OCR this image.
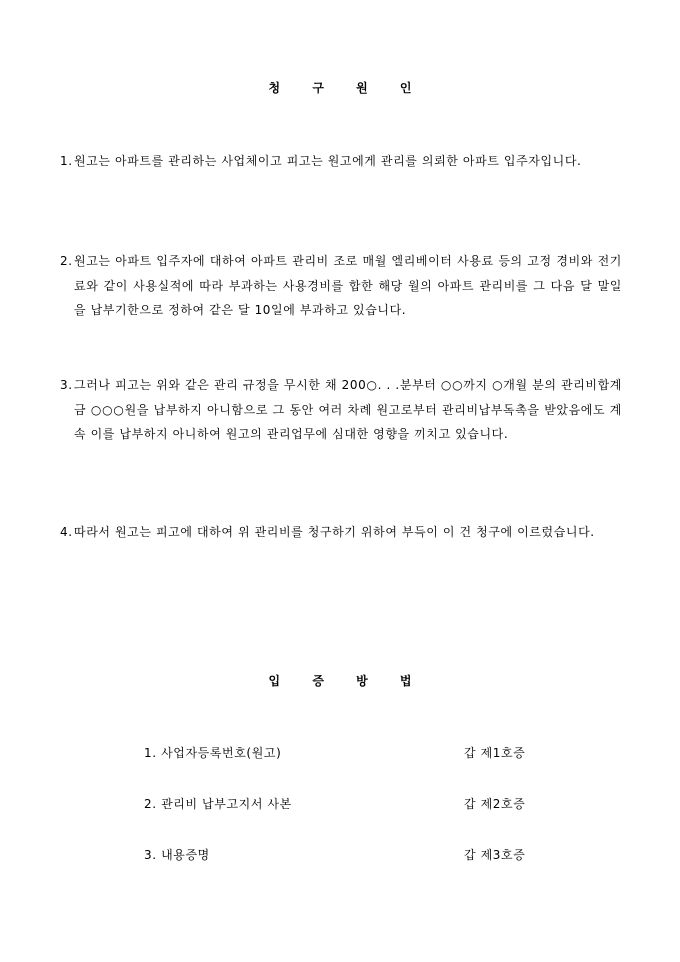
청 구 원 인
1. 원고는 아파트를 관리하는 사업체이고 피고는 원고에게 관리를 의뢰한 아파트 입주자입니다.
2. 원고는 아파트 입주자에 대하여 아파트 관리비 조로 매월 엘리베이터 사용료 등의 고정 경비와 전기료와 같이 사용실적에 따라 부과하는 사용경비를 합한 해당 월의 아파트 관리비를 그 다음 달 말일을 납부기한으로 정하여 같은 달 10일에 부과하고 있습니다.
3. 그러나 피고는 위와 같은 관리 규정을 무시한 채 200○. . .분부터 ○○까지 ○개월 분의 관리비합계 금 ○○○원을 납부하지 아니함으로 그 동안 여러 차례 원고로부터 관리비납부독촉을 받았음에도 계속 이를 납부하지 아니하여 원고의 관리업무에 심대한 영향을 끼치고 있습니다.
4. 따라서 원고는 피고에 대하여 위 관리비를 청구하기 위하여 부득이 이 건 청구에 이르렀습니다.
입 증 방 법
1. 사업자등록번호(원고)	갑 제1호증
2. 관리비 납부고지서 사본	갑 제2호증
3. 내용증명	갑 제3호증
